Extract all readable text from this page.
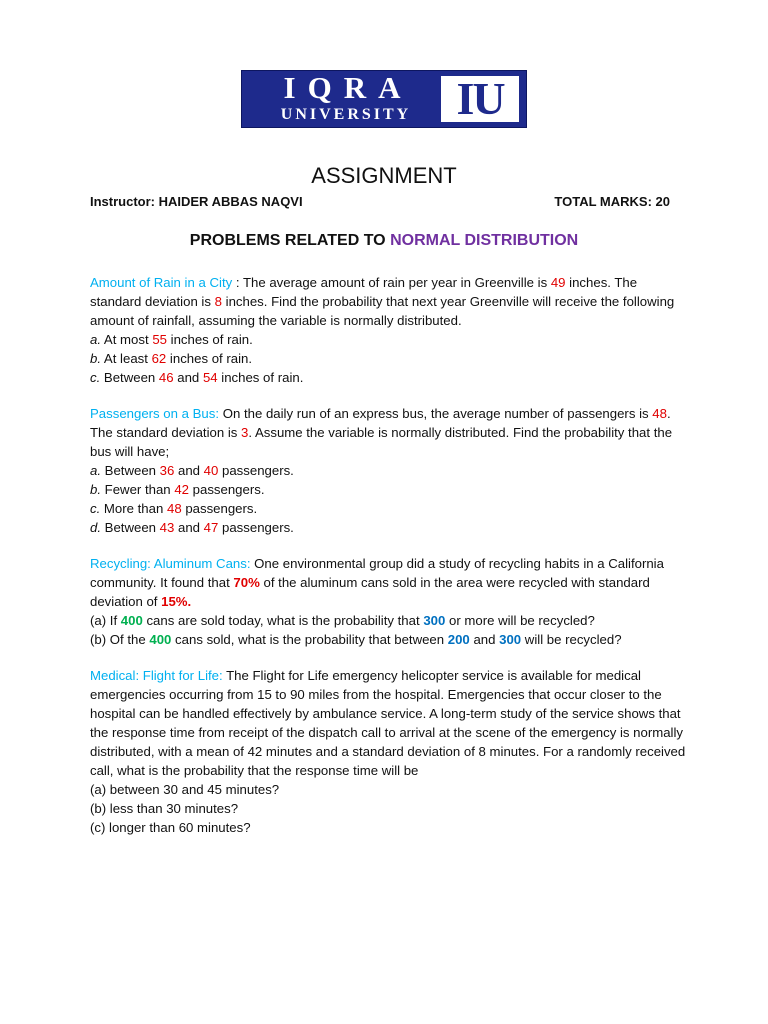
IQRA
UNIVERSITY IU
ASSIGNMENT
Instructor: HAIDER ABBAS NAQVI	TOTAL MARKS: 20
PROBLEMS RELATED TO NORMAL DISTRIBUTION

Amount of Rain in a City : The average amount of rain per year in Greenville is 49 inches. The standard deviation is 8 inches. Find the probability that next year Greenville will receive the following amount of rainfall, assuming the variable is normally distributed.
a. At most 55 inches of rain.
b. At least 62 inches of rain.
c. Between 46 and 54 inches of rain.

Passengers on a Bus: On the daily run of an express bus, the average number of passengers is 48. The standard deviation is 3. Assume the variable is normally distributed. Find the probability that the bus will have;
a. Between 36 and 40 passengers.
b. Fewer than 42 passengers.
c. More than 48 passengers.
d. Between 43 and 47 passengers.

Recycling: Aluminum Cans: One environmental group did a study of recycling habits in a California community. It found that 70% of the aluminum cans sold in the area were recycled with standard deviation of 15%.
(a) If 400 cans are sold today, what is the probability that 300 or more will be recycled?
(b) Of the 400 cans sold, what is the probability that between 200 and 300 will be recycled?

Medical: Flight for Life: The Flight for Life emergency helicopter service is available for medical emergencies occurring from 15 to 90 miles from the hospital. Emergencies that occur closer to the hospital can be handled effectively by ambulance service. A long-term study of the service shows that the response time from receipt of the dispatch call to arrival at the scene of the emergency is normally distributed, with a mean of 42 minutes and a standard deviation of 8 minutes. For a randomly received call, what is the probability that the response time will be
(a) between 30 and 45 minutes?
(b) less than 30 minutes?
(c) longer than 60 minutes?
